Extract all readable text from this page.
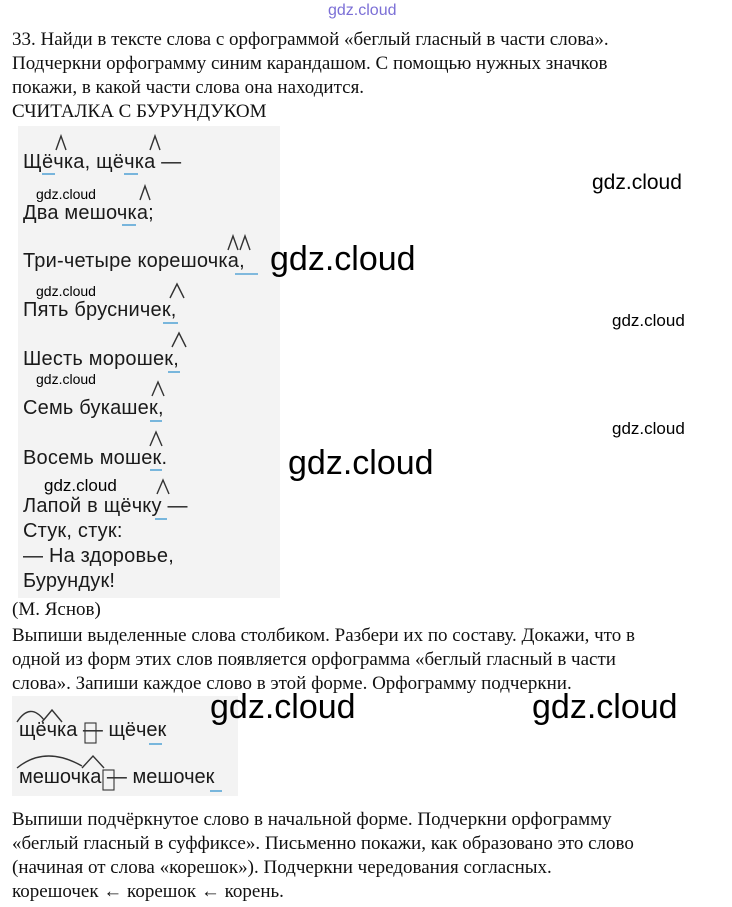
gdz.cloud
33. Найди в тексте слова с орфограммой «беглый гласный в части слова».
Подчеркни орфограмму синим карандашом. С помощью нужных значков
покажи, в какой части слова она находится.
СЧИТАЛКА С БУРУНДУКОМ
Щёчка, щёчка —
Два мешочка;
Три-четыре корешочка,
Пять брусничек,
Шесть морошек,
Семь букашек,
Восемь мошек.
Лапой в щёчку —
Стук, стук:
— На здоровье,
Бурундук!
gdz.cloud	gdz.cloud
gdz.cloud
gdz.cloud
gdz.cloud
gdz.cloud
gdz.cloud
gdz.cloud
gdz.cloud
(М. Яснов)
Выпиши выделенные слова столбиком. Разбери их по составу. Докажи, что в
одной из форм этих слов появляется орфограмма «беглый гласный в части
слова». Запиши каждое слово в этой форме. Орфограмму подчеркни.
щёчка — щёчек
мешочка — мешочек
gdz.cloud	gdz.cloud
Выпиши подчёркнутое слово в начальной форме. Подчеркни орфограмму
«беглый гласный в суффиксе». Письменно покажи, как образовано это слово
(начиная от слова «корешок»). Подчеркни чередования согласных.
корешочек ← корешок ← корень.
